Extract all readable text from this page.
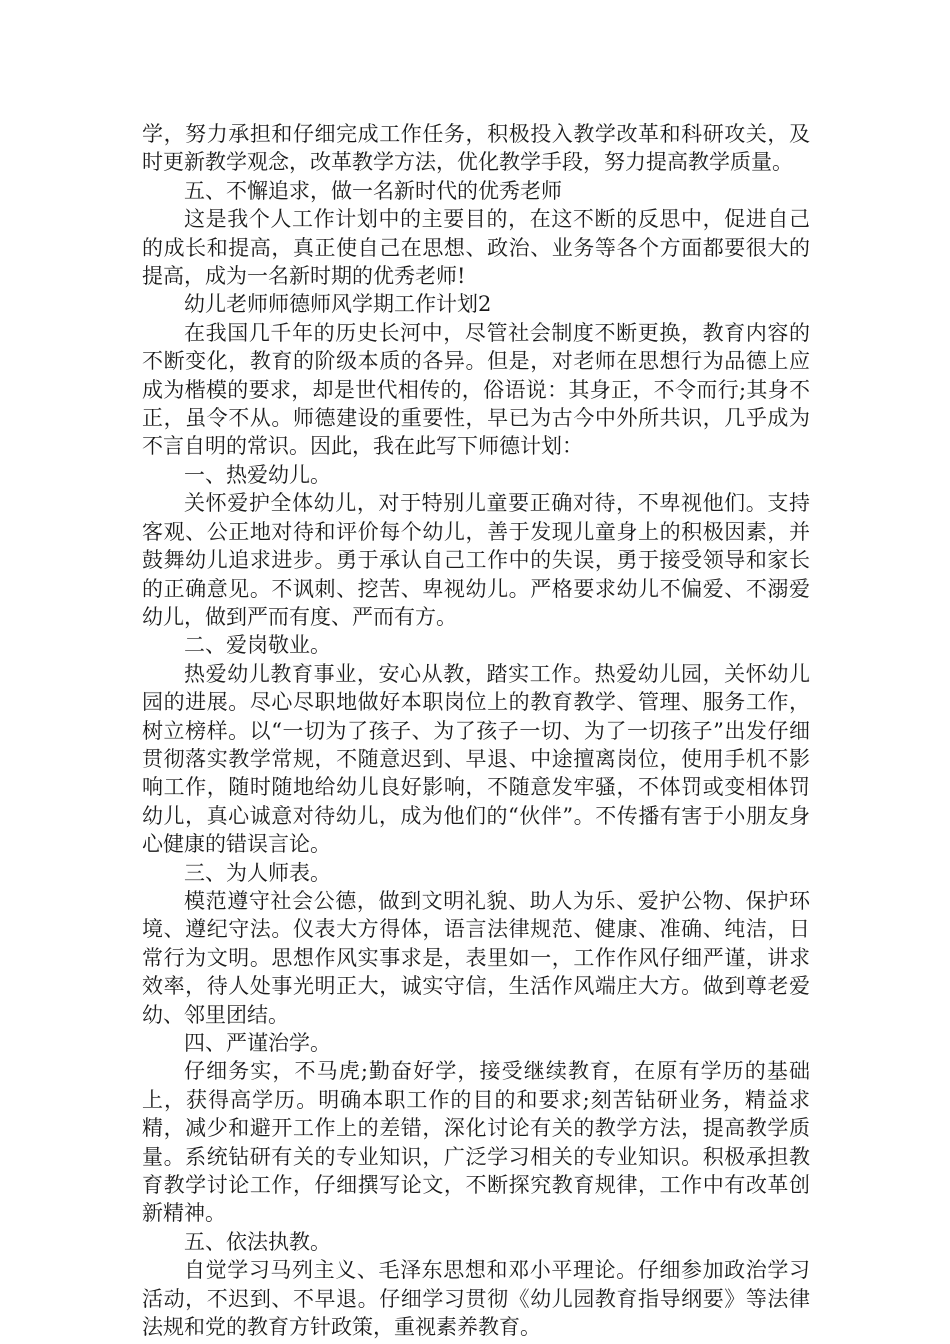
学，努力承担和仔细完成工作任务，积极投入教学改革和科研攻关，及时更新教学观念，改革教学方法，优化教学手段，努力提高教学质量。

五、不懈追求，做一名新时代的优秀老师

这是我个人工作计划中的主要目的，在这不断的反思中，促进自己的成长和提高，真正使自己在思想、政治、业务等各个方面都要很大的提高，成为一名新时期的优秀老师!

幼儿老师师德师风学期工作计划2

在我国几千年的历史长河中，尽管社会制度不断更换，教育内容的不断变化，教育的阶级本质的各异。但是，对老师在思想行为品德上应成为楷模的要求，却是世代相传的，俗语说：其身正，不令而行;其身不正，虽令不从。师德建设的重要性，早已为古今中外所共识，几乎成为不言自明的常识。因此，我在此写下师德计划：

一、热爱幼儿。

关怀爱护全体幼儿，对于特别儿童要正确对待，不卑视他们。支持客观、公正地对待和评价每个幼儿，善于发现儿童身上的积极因素，并鼓舞幼儿追求进步。勇于承认自己工作中的失误，勇于接受领导和家长的正确意见。不讽刺、挖苦、卑视幼儿。严格要求幼儿不偏爱、不溺爱幼儿，做到严而有度、严而有方。

二、爱岗敬业。

热爱幼儿教育事业，安心从教，踏实工作。热爱幼儿园，关怀幼儿园的进展。尽心尽职地做好本职岗位上的教育教学、管理、服务工作，树立榜样。以“一切为了孩子、为了孩子一切、为了一切孩子”出发仔细贯彻落实教学常规，不随意迟到、早退、中途擅离岗位，使用手机不影响工作，随时随地给幼儿良好影响，不随意发牢骚，不体罚或变相体罚幼儿，真心诚意对待幼儿，成为他们的“伙伴”。不传播有害于小朋友身心健康的错误言论。

三、为人师表。

模范遵守社会公德，做到文明礼貌、助人为乐、爱护公物、保护环境、遵纪守法。仪表大方得体，语言法律规范、健康、准确、纯洁，日常行为文明。思想作风实事求是，表里如一，工作作风仔细严谨，讲求效率，待人处事光明正大，诚实守信，生活作风端庄大方。做到尊老爱幼、邻里团结。

四、严谨治学。

仔细务实，不马虎;勤奋好学，接受继续教育，在原有学历的基础上，获得高学历。明确本职工作的目的和要求;刻苦钻研业务，精益求精，减少和避开工作上的差错，深化讨论有关的教学方法，提高教学质量。系统钻研有关的专业知识，广泛学习相关的专业知识。积极承担教育教学讨论工作，仔细撰写论文，不断探究教育规律，工作中有改革创新精神。

五、依法执教。

自觉学习马列主义、毛泽东思想和邓小平理论。仔细参加政治学习活动，不迟到、不早退。仔细学习贯彻《幼儿园教育指导纲要》等法律法规和党的教育方针政策，重视素养教育。
